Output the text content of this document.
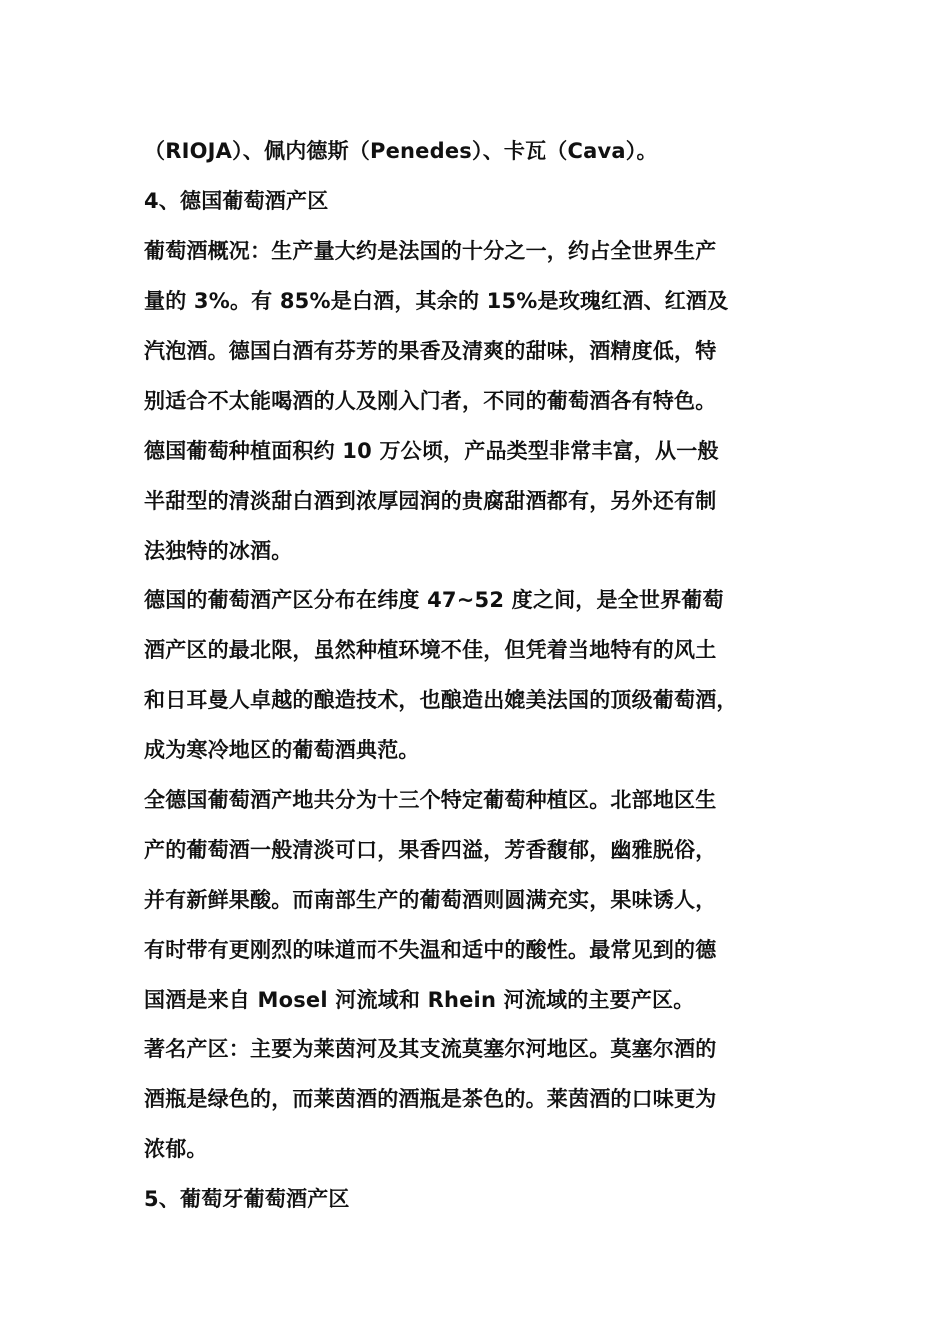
（RIOJA）、佩内德斯（Penedes）、卡瓦（Cava）。
4、德国葡萄酒产区
葡萄酒概况：生产量大约是法国的十分之一，约占全世界生产
量的 3%。有 85%是白酒，其余的 15%是玫瑰红酒、红酒及
汽泡酒。德国白酒有芬芳的果香及清爽的甜味，酒精度低，特
别适合不太能喝酒的人及刚入门者，不同的葡萄酒各有特色。
德国葡萄种植面积约 10 万公顷，产品类型非常丰富，从一般
半甜型的清淡甜白酒到浓厚园润的贵腐甜酒都有，另外还有制
法独特的冰酒。
德国的葡萄酒产区分布在纬度 47~52 度之间，是全世界葡萄
酒产区的最北限，虽然种植环境不佳，但凭着当地特有的风土
和日耳曼人卓越的酿造技术，也酿造出媲美法国的顶级葡萄酒，
成为寒冷地区的葡萄酒典范。
全德国葡萄酒产地共分为十三个特定葡萄种植区。北部地区生
产的葡萄酒一般清淡可口，果香四溢，芳香馥郁，幽雅脱俗，
并有新鲜果酸。而南部生产的葡萄酒则圆满充实，果味诱人，
有时带有更刚烈的味道而不失温和适中的酸性。最常见到的德
国酒是来自 Mosel 河流域和 Rhein 河流域的主要产区。
著名产区：主要为莱茵河及其支流莫塞尔河地区。莫塞尔酒的
酒瓶是绿色的，而莱茵酒的酒瓶是茶色的。莱茵酒的口味更为
浓郁。
5、葡萄牙葡萄酒产区
